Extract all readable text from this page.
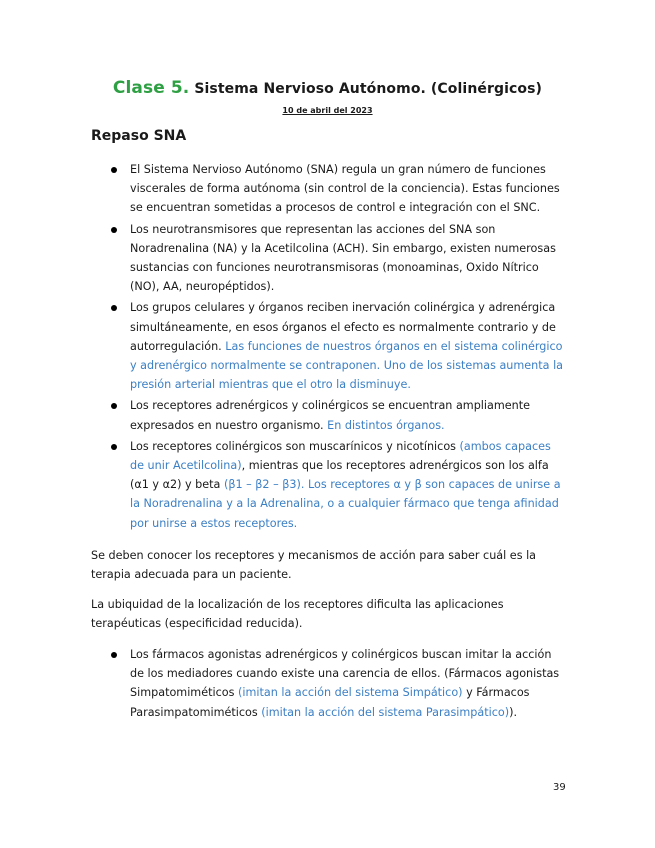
Clase 5. Sistema Nervioso Autónomo. (Colinérgicos)
10 de abril del 2023
Repaso SNA
El Sistema Nervioso Autónomo (SNA) regula un gran número de funciones viscerales de forma autónoma (sin control de la conciencia). Estas funciones se encuentran sometidas a procesos de control e integración con el SNC.
Los neurotransmisores que representan las acciones del SNA son Noradrenalina (NA) y la Acetilcolina (ACH). Sin embargo, existen numerosas sustancias con funciones neurotransmisoras (monoaminas, Oxido Nítrico (NO), AA, neuropéptidos).
Los grupos celulares y órganos reciben inervación colinérgica y adrenérgica simultáneamente, en esos órganos el efecto es normalmente contrario y de autorregulación. Las funciones de nuestros órganos en el sistema colinérgico y adrenérgico normalmente se contraponen. Uno de los sistemas aumenta la presión arterial mientras que el otro la disminuye.
Los receptores adrenérgicos y colinérgicos se encuentran ampliamente expresados en nuestro organismo. En distintos órganos.
Los receptores colinérgicos son muscarínicos y nicotínicos (ambos capaces de unir Acetilcolina), mientras que los receptores adrenérgicos son los alfa (α1 y α2) y beta (β1 – β2 – β3). Los receptores α y β son capaces de unirse a la Noradrenalina y a la Adrenalina, o a cualquier fármaco que tenga afinidad por unirse a estos receptores.
Se deben conocer los receptores y mecanismos de acción para saber cuál es la terapia adecuada para un paciente.
La ubiquidad de la localización de los receptores dificulta las aplicaciones terapéuticas (especificidad reducida).
Los fármacos agonistas adrenérgicos y colinérgicos buscan imitar la acción de los mediadores cuando existe una carencia de ellos. (Fármacos agonistas Simpatomiméticos (imitan la acción del sistema Simpático) y Fármacos Parasimpatomiméticos (imitan la acción del sistema Parasimpático)).
39
